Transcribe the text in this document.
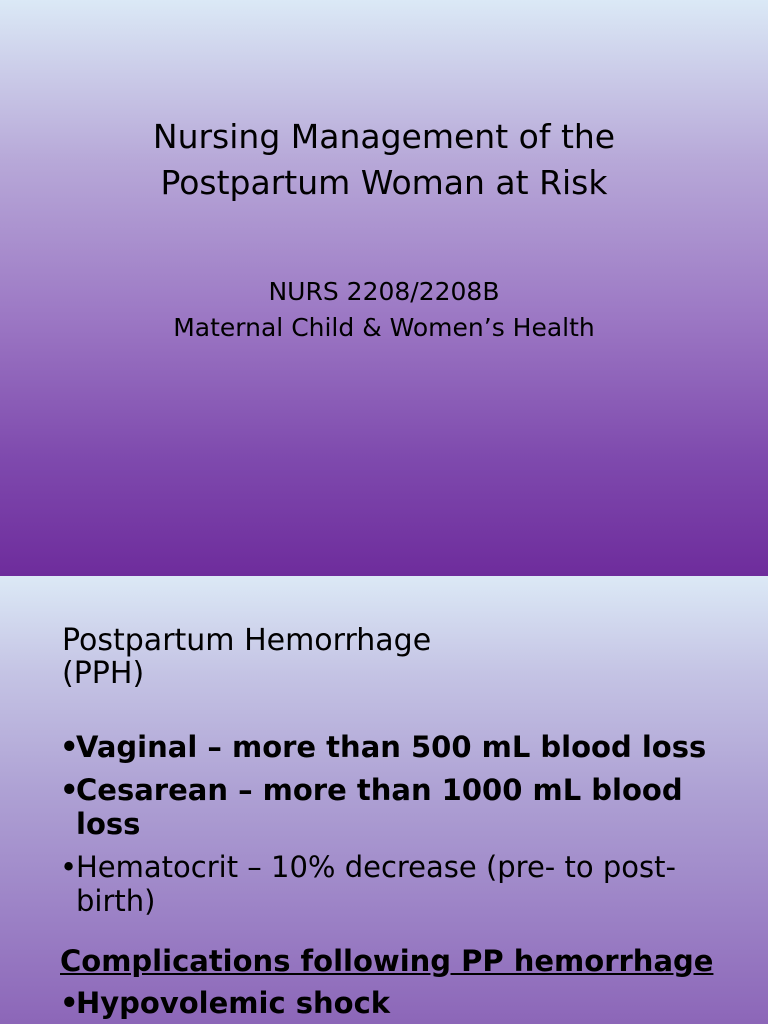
Nursing Management of the
Postpartum Woman at Risk
NURS 2208/2208B
Maternal Child & Women’s Health
Postpartum Hemorrhage
(PPH)
•
Vaginal – more than 500 mL blood loss
•
Cesarean – more than 1000 mL blood loss
•
Hematocrit – 10% decrease (pre- to post-birth)
Complications following PP hemorrhage
•
Hypovolemic shock
